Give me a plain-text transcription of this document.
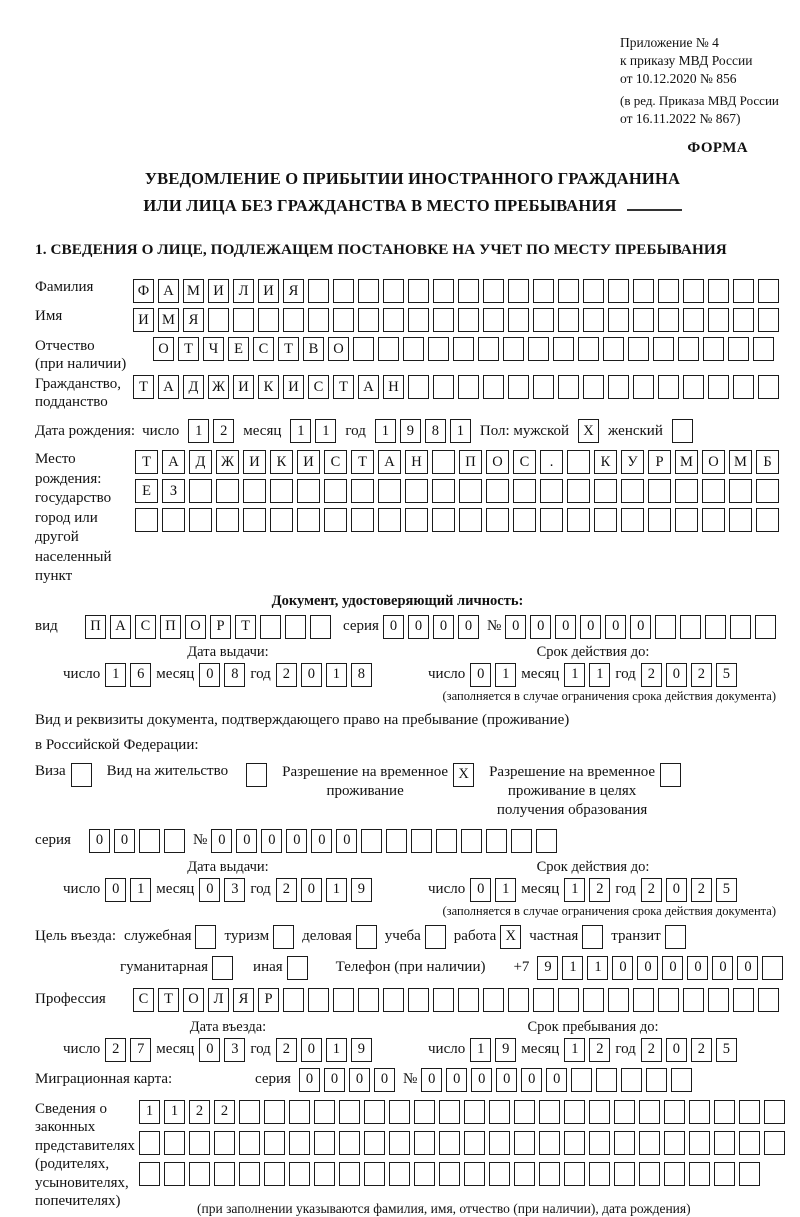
Приложение № 4
к приказу МВД России
от 10.12.2020 № 856
(в ред. Приказа МВД России
от 16.11.2022 № 867)
ФОРМА
УВЕДОМЛЕНИЕ О ПРИБЫТИИ ИНОСТРАННОГО ГРАЖДАНИНА
ИЛИ ЛИЦА БЕЗ ГРАЖДАНСТВА В МЕСТО ПРЕБЫВАНИЯ
1. СВЕДЕНИЯ О ЛИЦЕ, ПОДЛЕЖАЩЕМ ПОСТАНОВКЕ НА УЧЕТ ПО МЕСТУ ПРЕБЫВАНИЯ
Фамилия	Ф А М И	Л	И	Я
Имя	И М Я
Отчество
(при наличии)
О	Т	Ч	Е	С	Т	В	О
Гражданство,
подданство
Т	А	Д Ж И	К	И	С	Т	А	Н
Дата рождения: число	1	2	месяц	1	1	год	1	9	8	1	Пол: мужской X женский
Место рождения:
государство
город или другой
населенный пункт
Т	А	Д	Ж	И	К	И	С	Т	А	Н	П	О	С	.	К	У	Р	М	О	М	Б
Е	З
Документ, удостоверяющий личность:
вид	П	А	С	П	О	Р	Т	серия 0	0	0	0 № 0	0	0	0	0	0
Дата выдачи:
число 1	6 месяц 0	8 год 2	0	1	8
Срок действия до:
число 0	1 месяц 1	1 год 2	0	2	5
(заполняется в случае ограничения срока действия документа)
Вид и реквизиты документа, подтверждающего право на пребывание (проживание)
в Российской Федерации:
Виза	Вид на жительство	Разрешение на временное
проживание
X	Разрешение на временное
проживание в целях
получения образования
серия	0	0	№ 0	0	0	0	0	0
Дата выдачи:
число 0	1 месяц 0	3 год 2	0	1	9
Срок действия до:
число 0	1 месяц 1	2 год 2	0	2	5
(заполняется в случае ограничения срока действия документа)
Цель въезда: служебная туризм деловая учеба работа X частная транзит
гуманитарная	иная	Телефон (при наличии) +7	9	1	1	0	0	0	0	0	0
Профессия	С	Т	О	Л	Я	Р
Дата въезда:
число 2	7 месяц 0	3 год 2	0	1	9
Срок пребывания до:
число 1	9 месяц 1	2 год 2	0	2	5
Миграционная карта:	серия	0	0	0	0 № 0	0	0	0	0	0
Сведения о
законных
представителях
(родителях,
усыновителях,
попечителях)
1	1	2	2
(при заполнении указываются фамилия, имя, отчество (при наличии), дата рождения)
